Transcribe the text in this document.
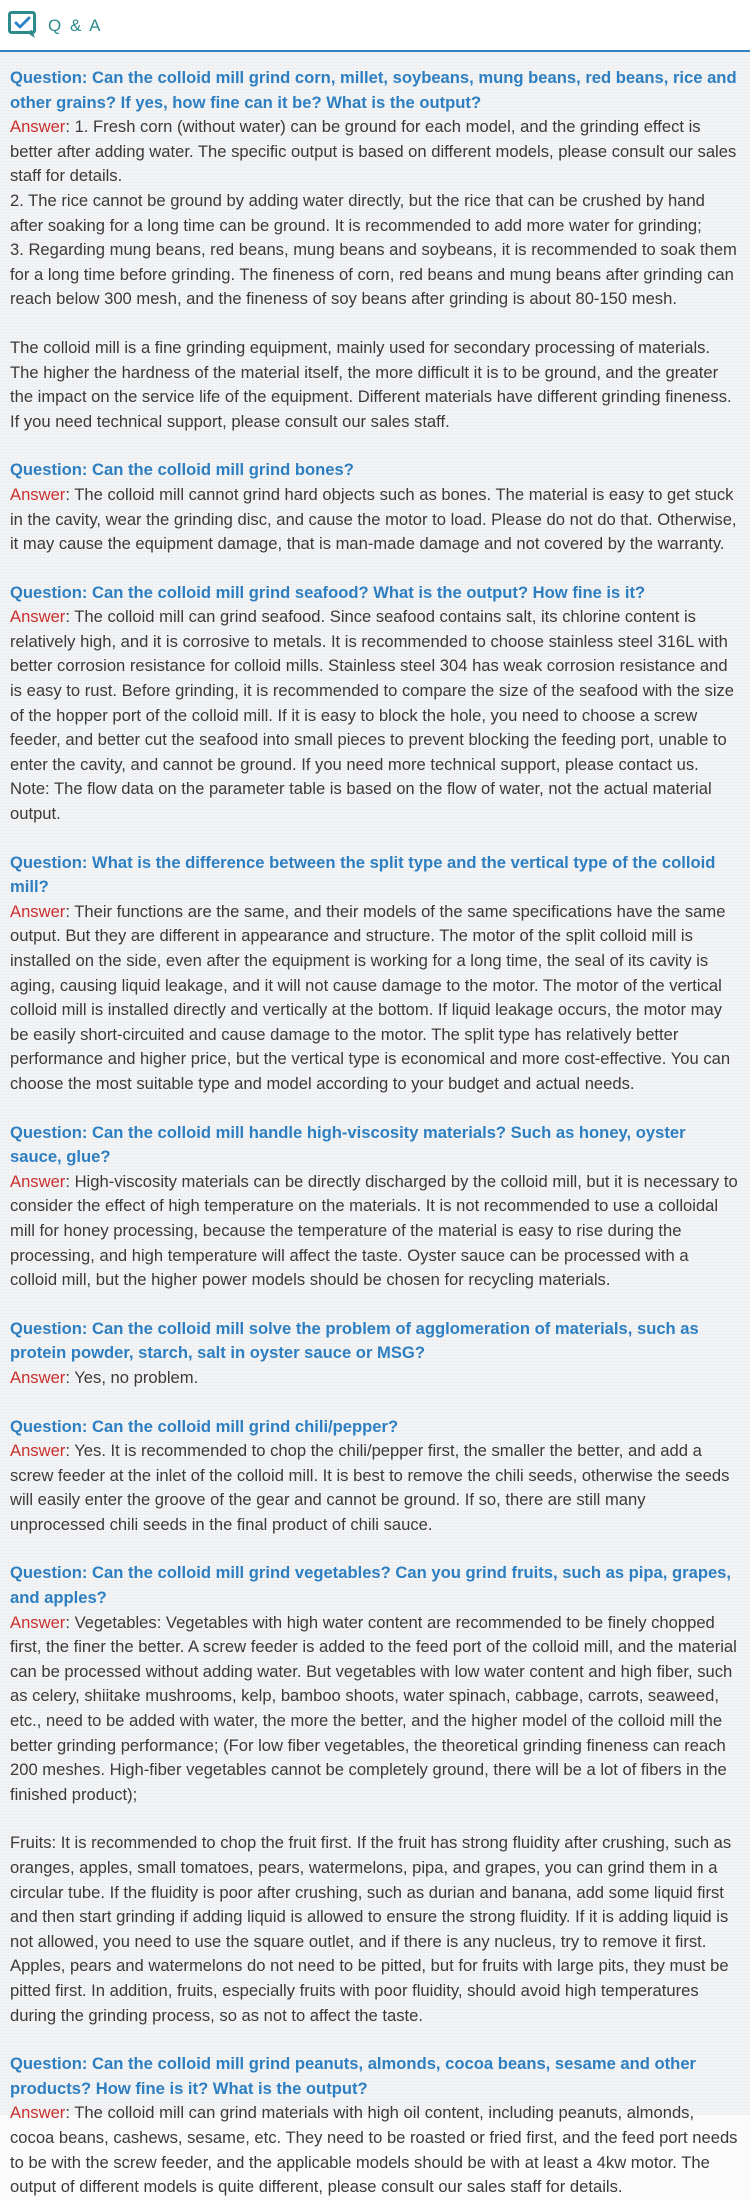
Q & A

Question: Can the colloid mill grind corn, millet, soybeans, mung beans, red beans, rice and other grains? If yes, how fine can it be? What is the output?

Answer: 1. Fresh corn (without water) can be ground for each model, and the grinding effect is better after adding water. The specific output is based on different models, please consult our sales staff for details.

2. The rice cannot be ground by adding water directly, but the rice that can be crushed by hand after soaking for a long time can be ground. It is recommended to add more water for grinding;

3. Regarding mung beans, red beans, mung beans and soybeans, it is recommended to soak them for a long time before grinding. The fineness of corn, red beans and mung beans after grinding can reach below 300 mesh, and the fineness of soy beans after grinding is about 80-150 mesh.

The colloid mill is a fine grinding equipment, mainly used for secondary processing of materials. The higher the hardness of the material itself, the more difficult it is to be ground, and the greater the impact on the service life of the equipment. Different materials have different grinding fineness. If you need technical support, please consult our sales staff.

Question: Can the colloid mill grind bones?

Answer: The colloid mill cannot grind hard objects such as bones. The material is easy to get stuck in the cavity, wear the grinding disc, and cause the motor to load. Please do not do that. Otherwise, it may cause the equipment damage, that is man-made damage and not covered by the warranty.

Question: Can the colloid mill grind seafood? What is the output? How fine is it?

Answer: The colloid mill can grind seafood. Since seafood contains salt, its chlorine content is relatively high, and it is corrosive to metals. It is recommended to choose stainless steel 316L with better corrosion resistance for colloid mills. Stainless steel 304 has weak corrosion resistance and is easy to rust. Before grinding, it is recommended to compare the size of the seafood with the size of the hopper port of the colloid mill. If it is easy to block the hole, you need to choose a screw feeder, and better cut the seafood into small pieces to prevent blocking the feeding port, unable to enter the cavity, and cannot be ground. If you need more technical support, please contact us. Note: The flow data on the parameter table is based on the flow of water, not the actual material output.

Question: What is the difference between the split type and the vertical type of the colloid mill?

Answer: Their functions are the same, and their models of the same specifications have the same output. But they are different in appearance and structure. The motor of the split colloid mill is installed on the side, even after the equipment is working for a long time, the seal of its cavity is aging, causing liquid leakage, and it will not cause damage to the motor. The motor of the vertical colloid mill is installed directly and vertically at the bottom. If liquid leakage occurs, the motor may be easily short-circuited and cause damage to the motor. The split type has relatively better performance and higher price, but the vertical type is economical and more cost-effective. You can choose the most suitable type and model according to your budget and actual needs.

Question: Can the colloid mill handle high-viscosity materials? Such as honey, oyster sauce, glue?

Answer: High-viscosity materials can be directly discharged by the colloid mill, but it is necessary to consider the effect of high temperature on the materials. It is not recommended to use a colloidal mill for honey processing, because the temperature of the material is easy to rise during the processing, and high temperature will affect the taste. Oyster sauce can be processed with a colloid mill, but the higher power models should be chosen for recycling materials.

Question: Can the colloid mill solve the problem of agglomeration of materials, such as protein powder, starch, salt in oyster sauce or MSG?

Answer: Yes, no problem.

Question: Can the colloid mill grind chili/pepper?

Answer: Yes. It is recommended to chop the chili/pepper first, the smaller the better, and add a screw feeder at the inlet of the colloid mill. It is best to remove the chili seeds, otherwise the seeds will easily enter the groove of the gear and cannot be ground. If so, there are still many unprocessed chili seeds in the final product of chili sauce.

Question: Can the colloid mill grind vegetables? Can you grind fruits, such as pipa, grapes, and apples?

Answer: Vegetables: Vegetables with high water content are recommended to be finely chopped first, the finer the better. A screw feeder is added to the feed port of the colloid mill, and the material can be processed without adding water. But vegetables with low water content and high fiber, such as celery, shiitake mushrooms, kelp, bamboo shoots, water spinach, cabbage, carrots, seaweed, etc., need to be added with water, the more the better, and the higher model of the colloid mill the better grinding performance; (For low fiber vegetables, the theoretical grinding fineness can reach 200 meshes. High-fiber vegetables cannot be completely ground, there will be a lot of fibers in the finished product);

Fruits: It is recommended to chop the fruit first. If the fruit has strong fluidity after crushing, such as oranges, apples, small tomatoes, pears, watermelons, pipa, and grapes, you can grind them in a circular tube. If the fluidity is poor after crushing, such as durian and banana, add some liquid first and then start grinding if adding liquid is allowed to ensure the strong fluidity. If it is adding liquid is not allowed, you need to use the square outlet, and if there is any nucleus, try to remove it first. Apples, pears and watermelons do not need to be pitted, but for fruits with large pits, they must be pitted first. In addition, fruits, especially fruits with poor fluidity, should avoid high temperatures during the grinding process, so as not to affect the taste.

Question: Can the colloid mill grind peanuts, almonds, cocoa beans, sesame and other products? How fine is it? What is the output?

Answer: The colloid mill can grind materials with high oil content, including peanuts, almonds, cocoa beans, cashews, sesame, etc. They need to be roasted or fried first, and the feed port needs to be with the screw feeder, and the applicable models should be with at least a 4kw motor. The output of different models is quite different, please consult our sales staff for details.
